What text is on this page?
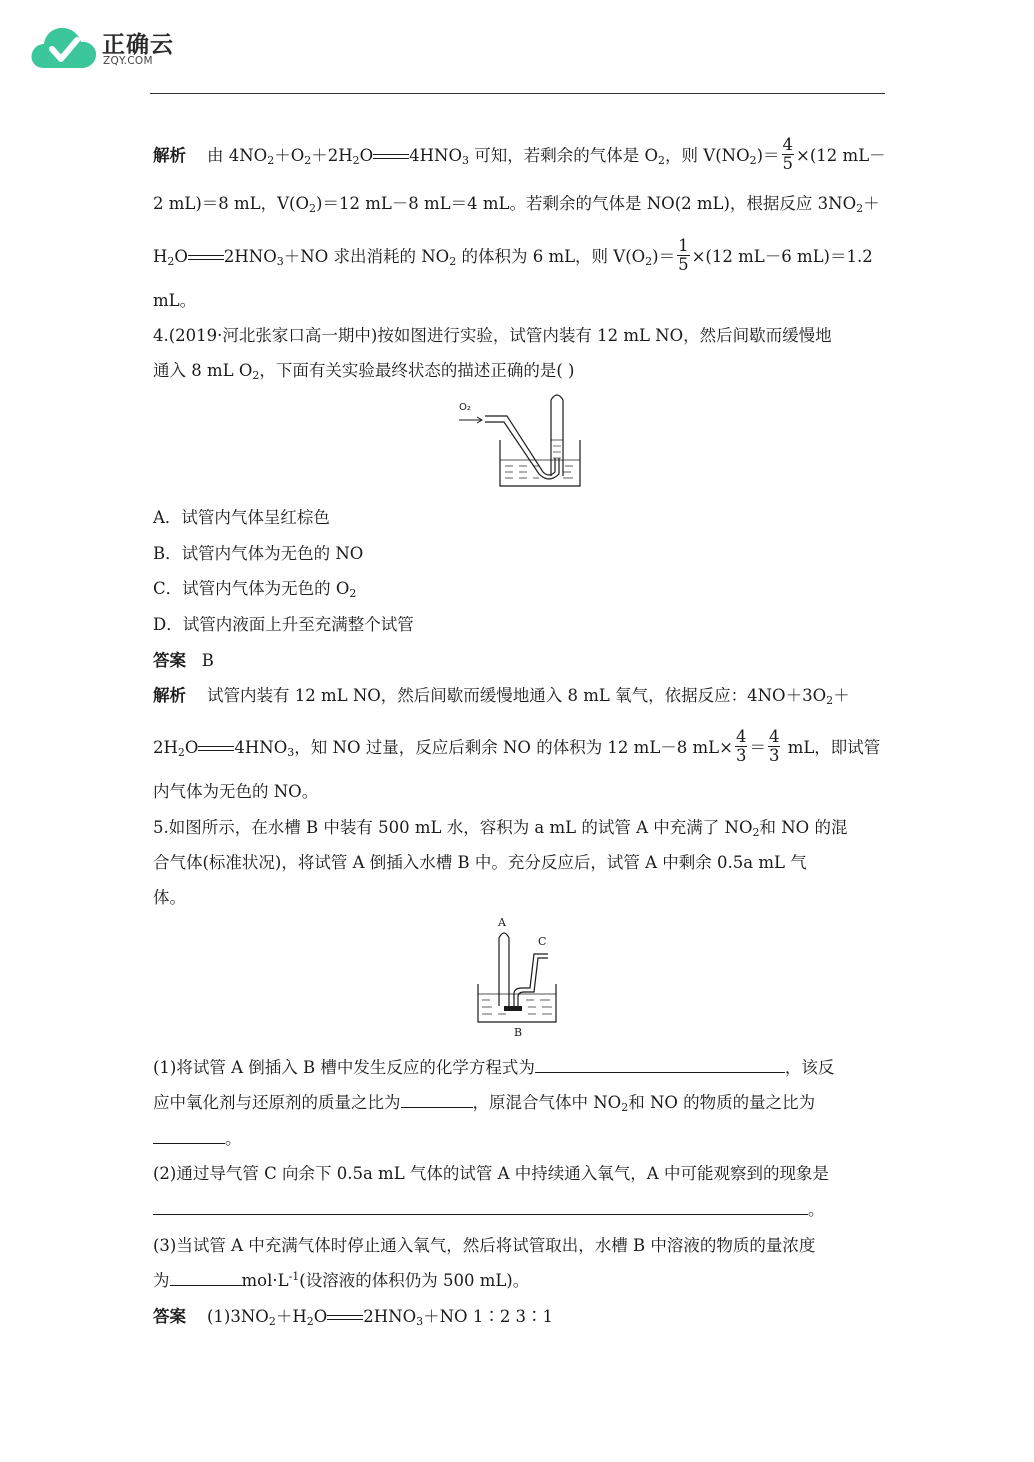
正确云
ZQY.COM
解析 由 $4NO_2+O_2+2H_2O$ $4HNO_3$ 可知，若剩余的气体是 $O_2$，则 $V(NO_2)= \frac{4}{5} \times(12$ mL－
2 mL)＝8 mL，$V(O_2)=12$ mL－8 mL＝4 mL。若剩余的气体是 NO(2 mL)，根据反应 $3NO_2+$
$H_2O$ $2HNO_3+NO$ 求出消耗的 $NO_2$ 的体积为 6 mL，则 $V(O_2)= \frac{1}{5} \times(12$ mL－6 mL)＝1.2
mL。
4.(2019·河北张家口高一期中)按如图进行实验，试管内装有 12 mL NO，然后间歇而缓慢地
通入 8 mL $O_2$，下面有关实验最终状态的描述正确的是( )
A．试管内气体呈红棕色
B．试管内气体为无色的 NO
C．试管内气体为无色的 $O_2$
D．试管内液面上升至充满整个试管
答案 B
解析 试管内装有 12 mL NO，然后间歇而缓慢地通入 8 mL 氧气，依据反应：$4NO+3O_2+$
$2H_2O$ $4HNO_3$，知 NO 过量，反应后剩余 NO 的体积为 12 mL－8 $mL\times \frac{4}{3} = \frac{4}{3}$ mL，即试管
内气体为无色的 NO。
5.如图所示，在水槽 B 中装有 500 mL 水，容积为 a mL 的试管 A 中充满了 $NO_2$和 NO 的混
合气体(标准状况)，将试管 A 倒插入水槽 B 中。充分反应后，试管 A 中剩余 0.5a mL 气
体。
(1)将试管 A 倒插入 B 槽中发生反应的化学方程式为	，该反
应中氧化剂与还原剂的质量之比为	，原混合气体中 $NO_2$和 NO 的物质的量之比为
。
(2)通过导气管 C 向余下 0.5a mL 气体的试管 A 中持续通入氧气，A 中可能观察到的现象是
。
(3)当试管 A 中充满气体时停止通入氧气，然后将试管取出，水槽 B 中溶液的物质的量浓度
为	$mol\cdot L^{-1}$(设溶液的体积仍为 500 mL)。
答案 $(1)3NO_2+H_2O$ $2HNO_3+NO$ 1∶2 3∶1
O₂
A
C
B
